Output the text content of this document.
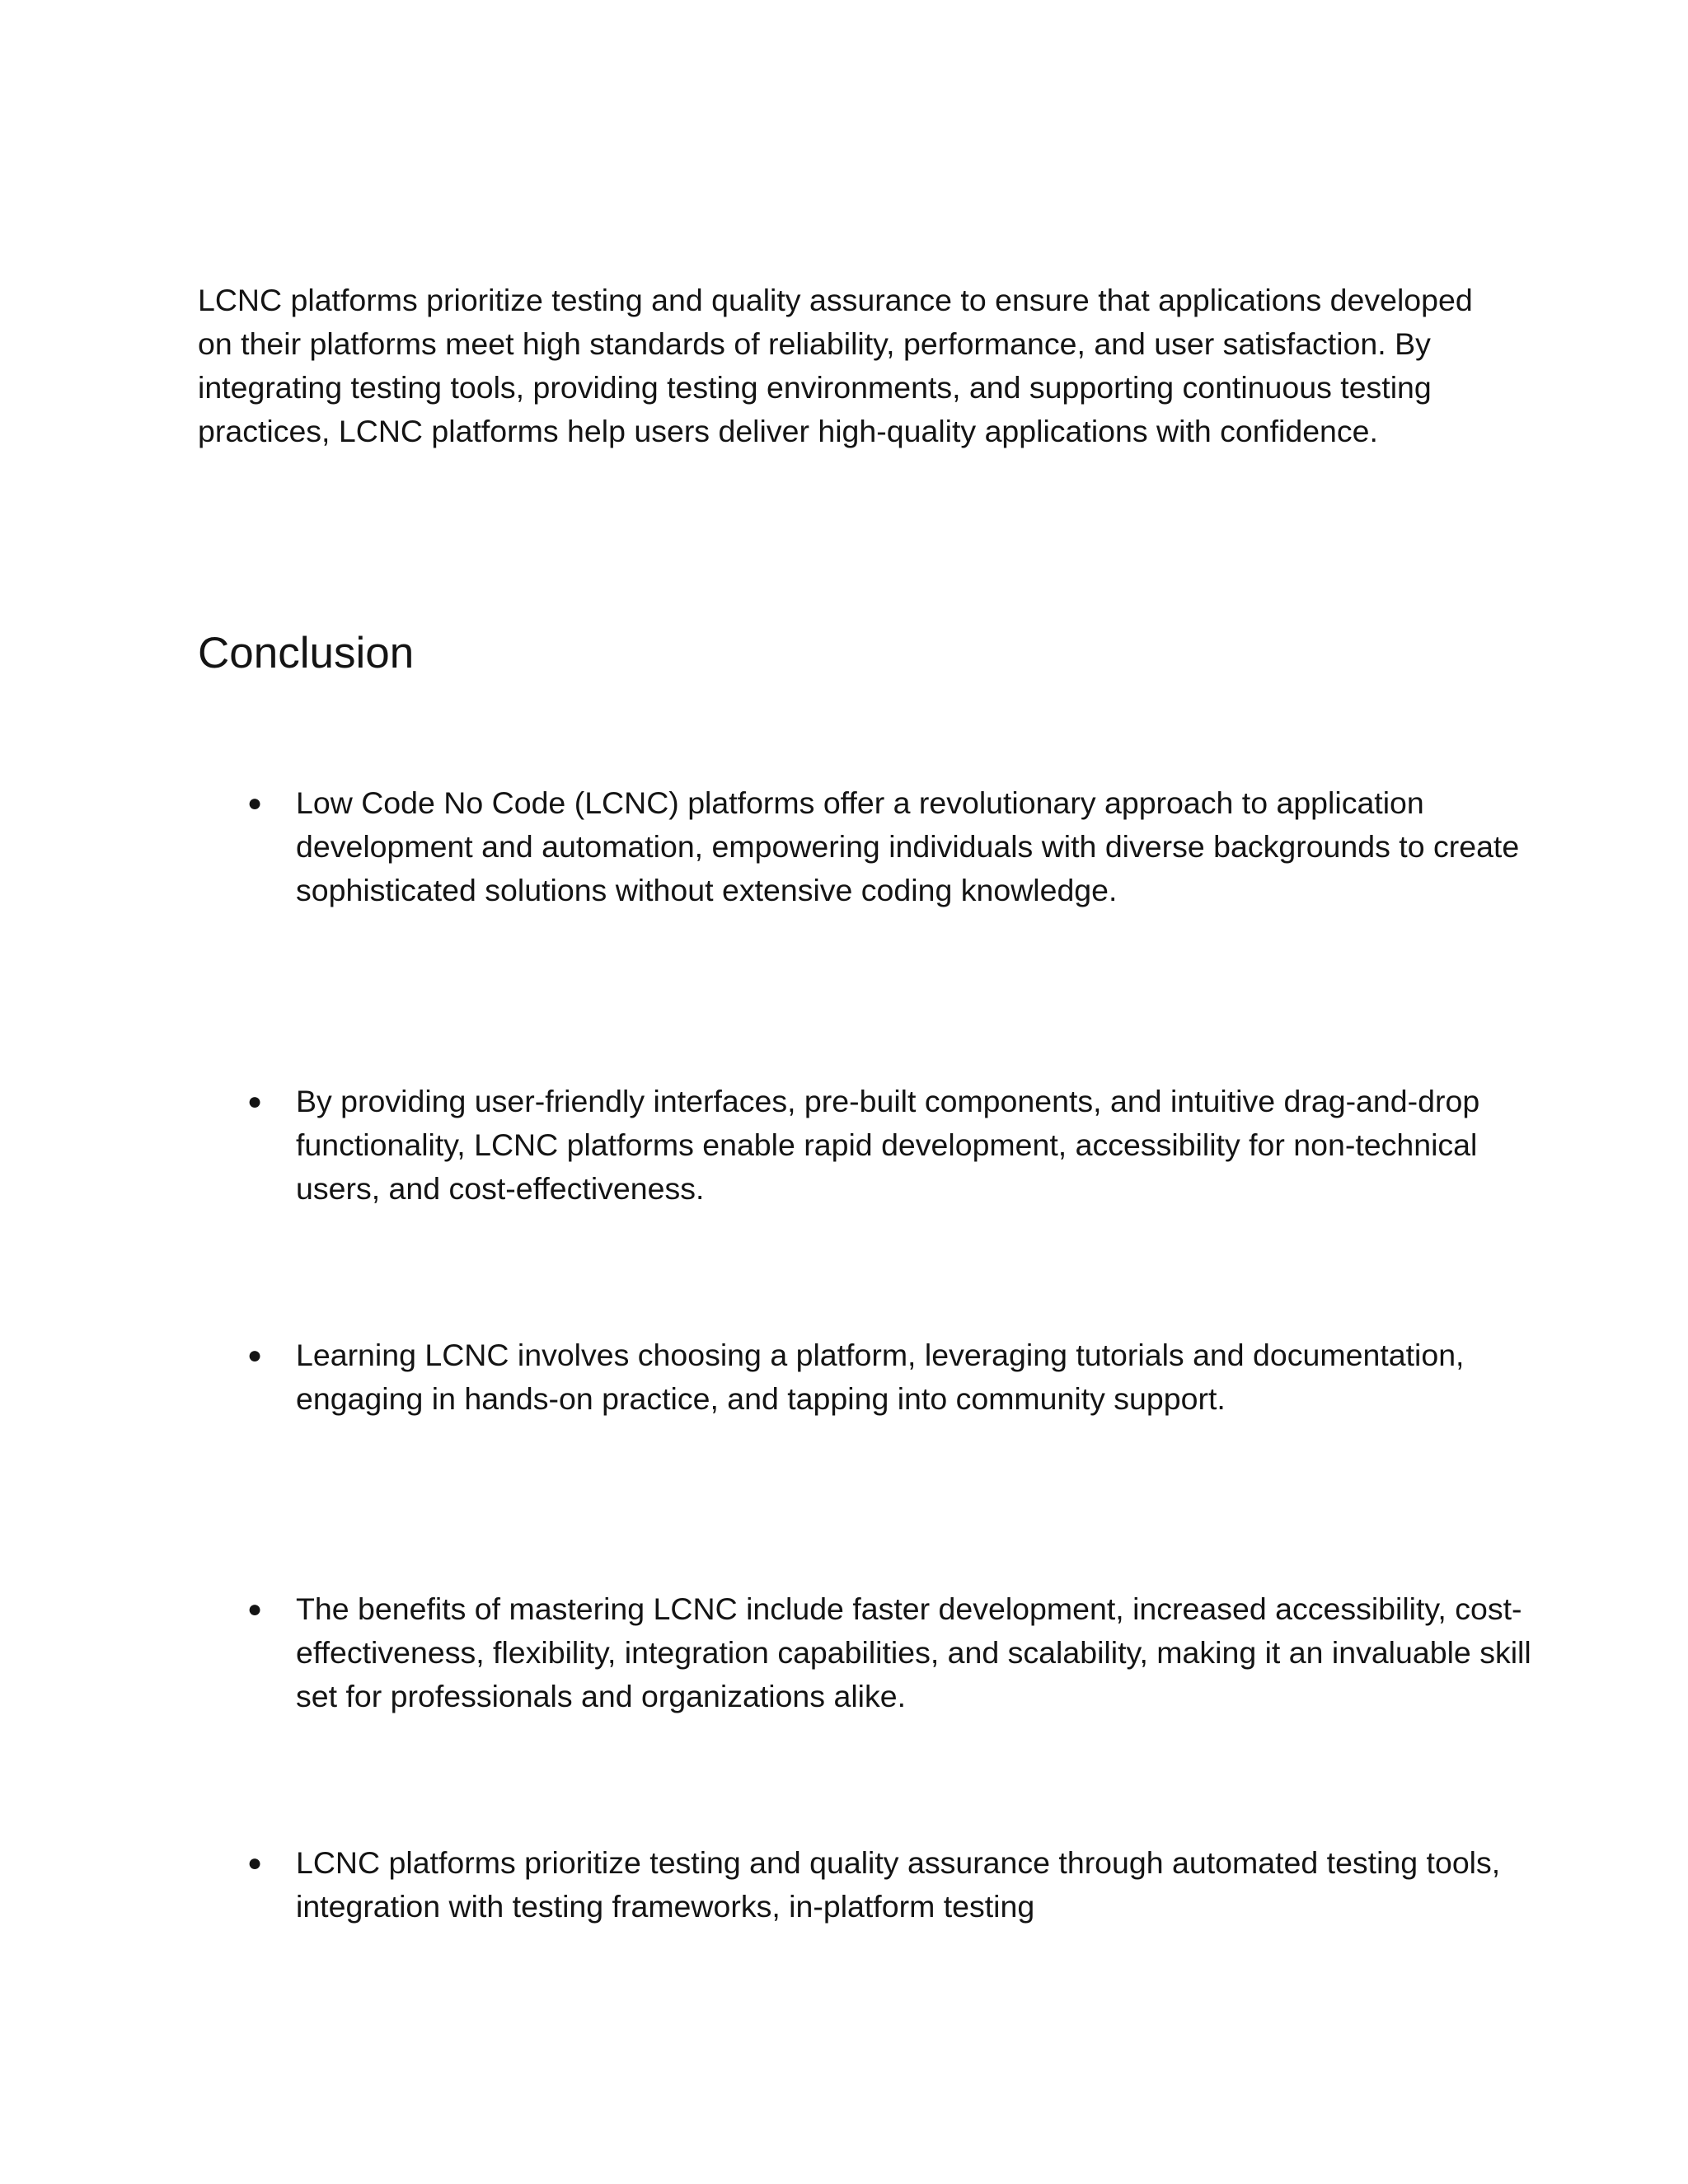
LCNC platforms prioritize testing and quality assurance to ensure that applications developed on their platforms meet high standards of reliability, performance, and user satisfaction. By integrating testing tools, providing testing environments, and supporting continuous testing practices, LCNC platforms help users deliver high-quality applications with confidence.

Conclusion
●	Low Code No Code (LCNC) platforms offer a revolutionary approach to application development and automation, empowering individuals with diverse backgrounds to create sophisticated solutions without extensive coding knowledge.
●	By providing user-friendly interfaces, pre-built components, and intuitive drag-and-drop functionality, LCNC platforms enable rapid development, accessibility for non-technical users, and cost-effectiveness.
●	Learning LCNC involves choosing a platform, leveraging tutorials and documentation, engaging in hands-on practice, and tapping into community support.
●	The benefits of mastering LCNC include faster development, increased accessibility, cost-effectiveness, flexibility, integration capabilities, and scalability, making it an invaluable skill set for professionals and organizations alike.
●	LCNC platforms prioritize testing and quality assurance through automated testing tools, integration with testing frameworks, in-platform testing
